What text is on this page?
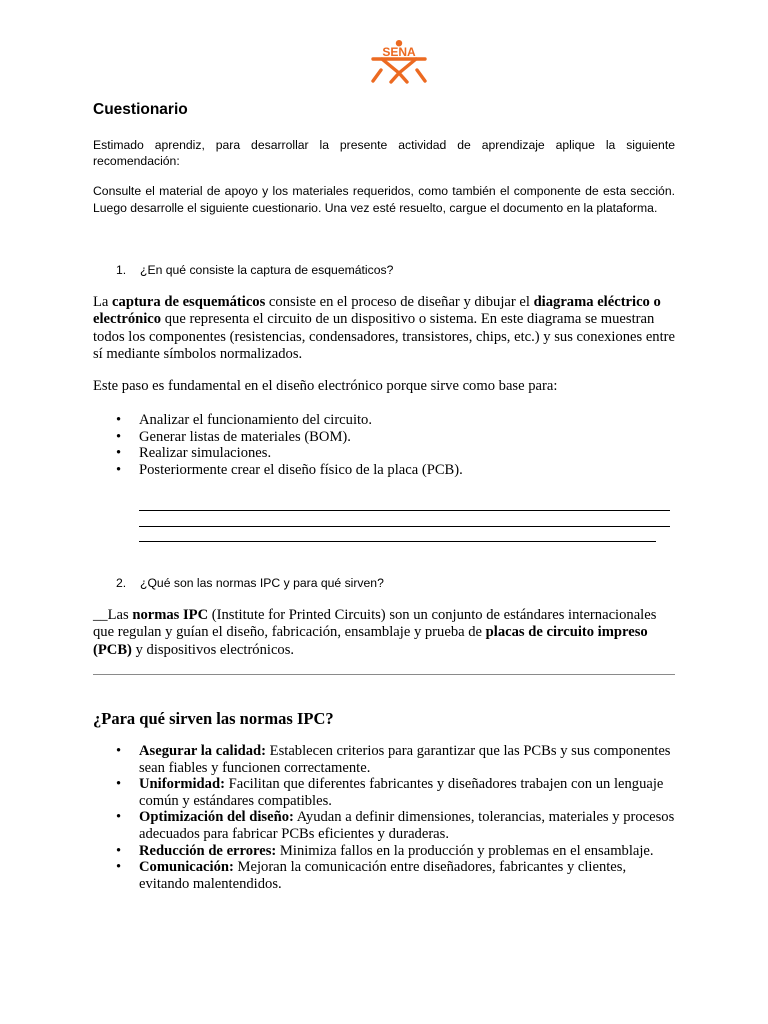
SENA
Cuestionario
Estimado aprendiz, para desarrollar la presente actividad de aprendizaje aplique la siguiente recomendación:
Consulte el material de apoyo y los materiales requeridos, como también el componente de esta sección. Luego desarrolle el siguiente cuestionario. Una vez esté resuelto, cargue el documento en la plataforma.
1. ¿En qué consiste la captura de esquemáticos?
La captura de esquemáticos consiste en el proceso de diseñar y dibujar el diagrama eléctrico o electrónico que representa el circuito de un dispositivo o sistema. En este diagrama se muestran todos los componentes (resistencias, condensadores, transistores, chips, etc.) y sus conexiones entre sí mediante símbolos normalizados.
Este paso es fundamental en el diseño electrónico porque sirve como base para:
• Analizar el funcionamiento del circuito.
• Generar listas de materiales (BOM).
• Realizar simulaciones.
• Posteriormente crear el diseño físico de la placa (PCB).
2. ¿Qué son las normas IPC y para qué sirven?
__Las normas IPC (Institute for Printed Circuits) son un conjunto de estándares internacionales que regulan y guían el diseño, fabricación, ensamblaje y prueba de placas de circuito impreso (PCB) y dispositivos electrónicos.
¿Para qué sirven las normas IPC?
• Asegurar la calidad: Establecen criterios para garantizar que las PCBs y sus componentes sean fiables y funcionen correctamente.
• Uniformidad: Facilitan que diferentes fabricantes y diseñadores trabajen con un lenguaje común y estándares compatibles.
• Optimización del diseño: Ayudan a definir dimensiones, tolerancias, materiales y procesos adecuados para fabricar PCBs eficientes y duraderas.
• Reducción de errores: Minimiza fallos en la producción y problemas en el ensamblaje.
• Comunicación: Mejoran la comunicación entre diseñadores, fabricantes y clientes, evitando malentendidos.
